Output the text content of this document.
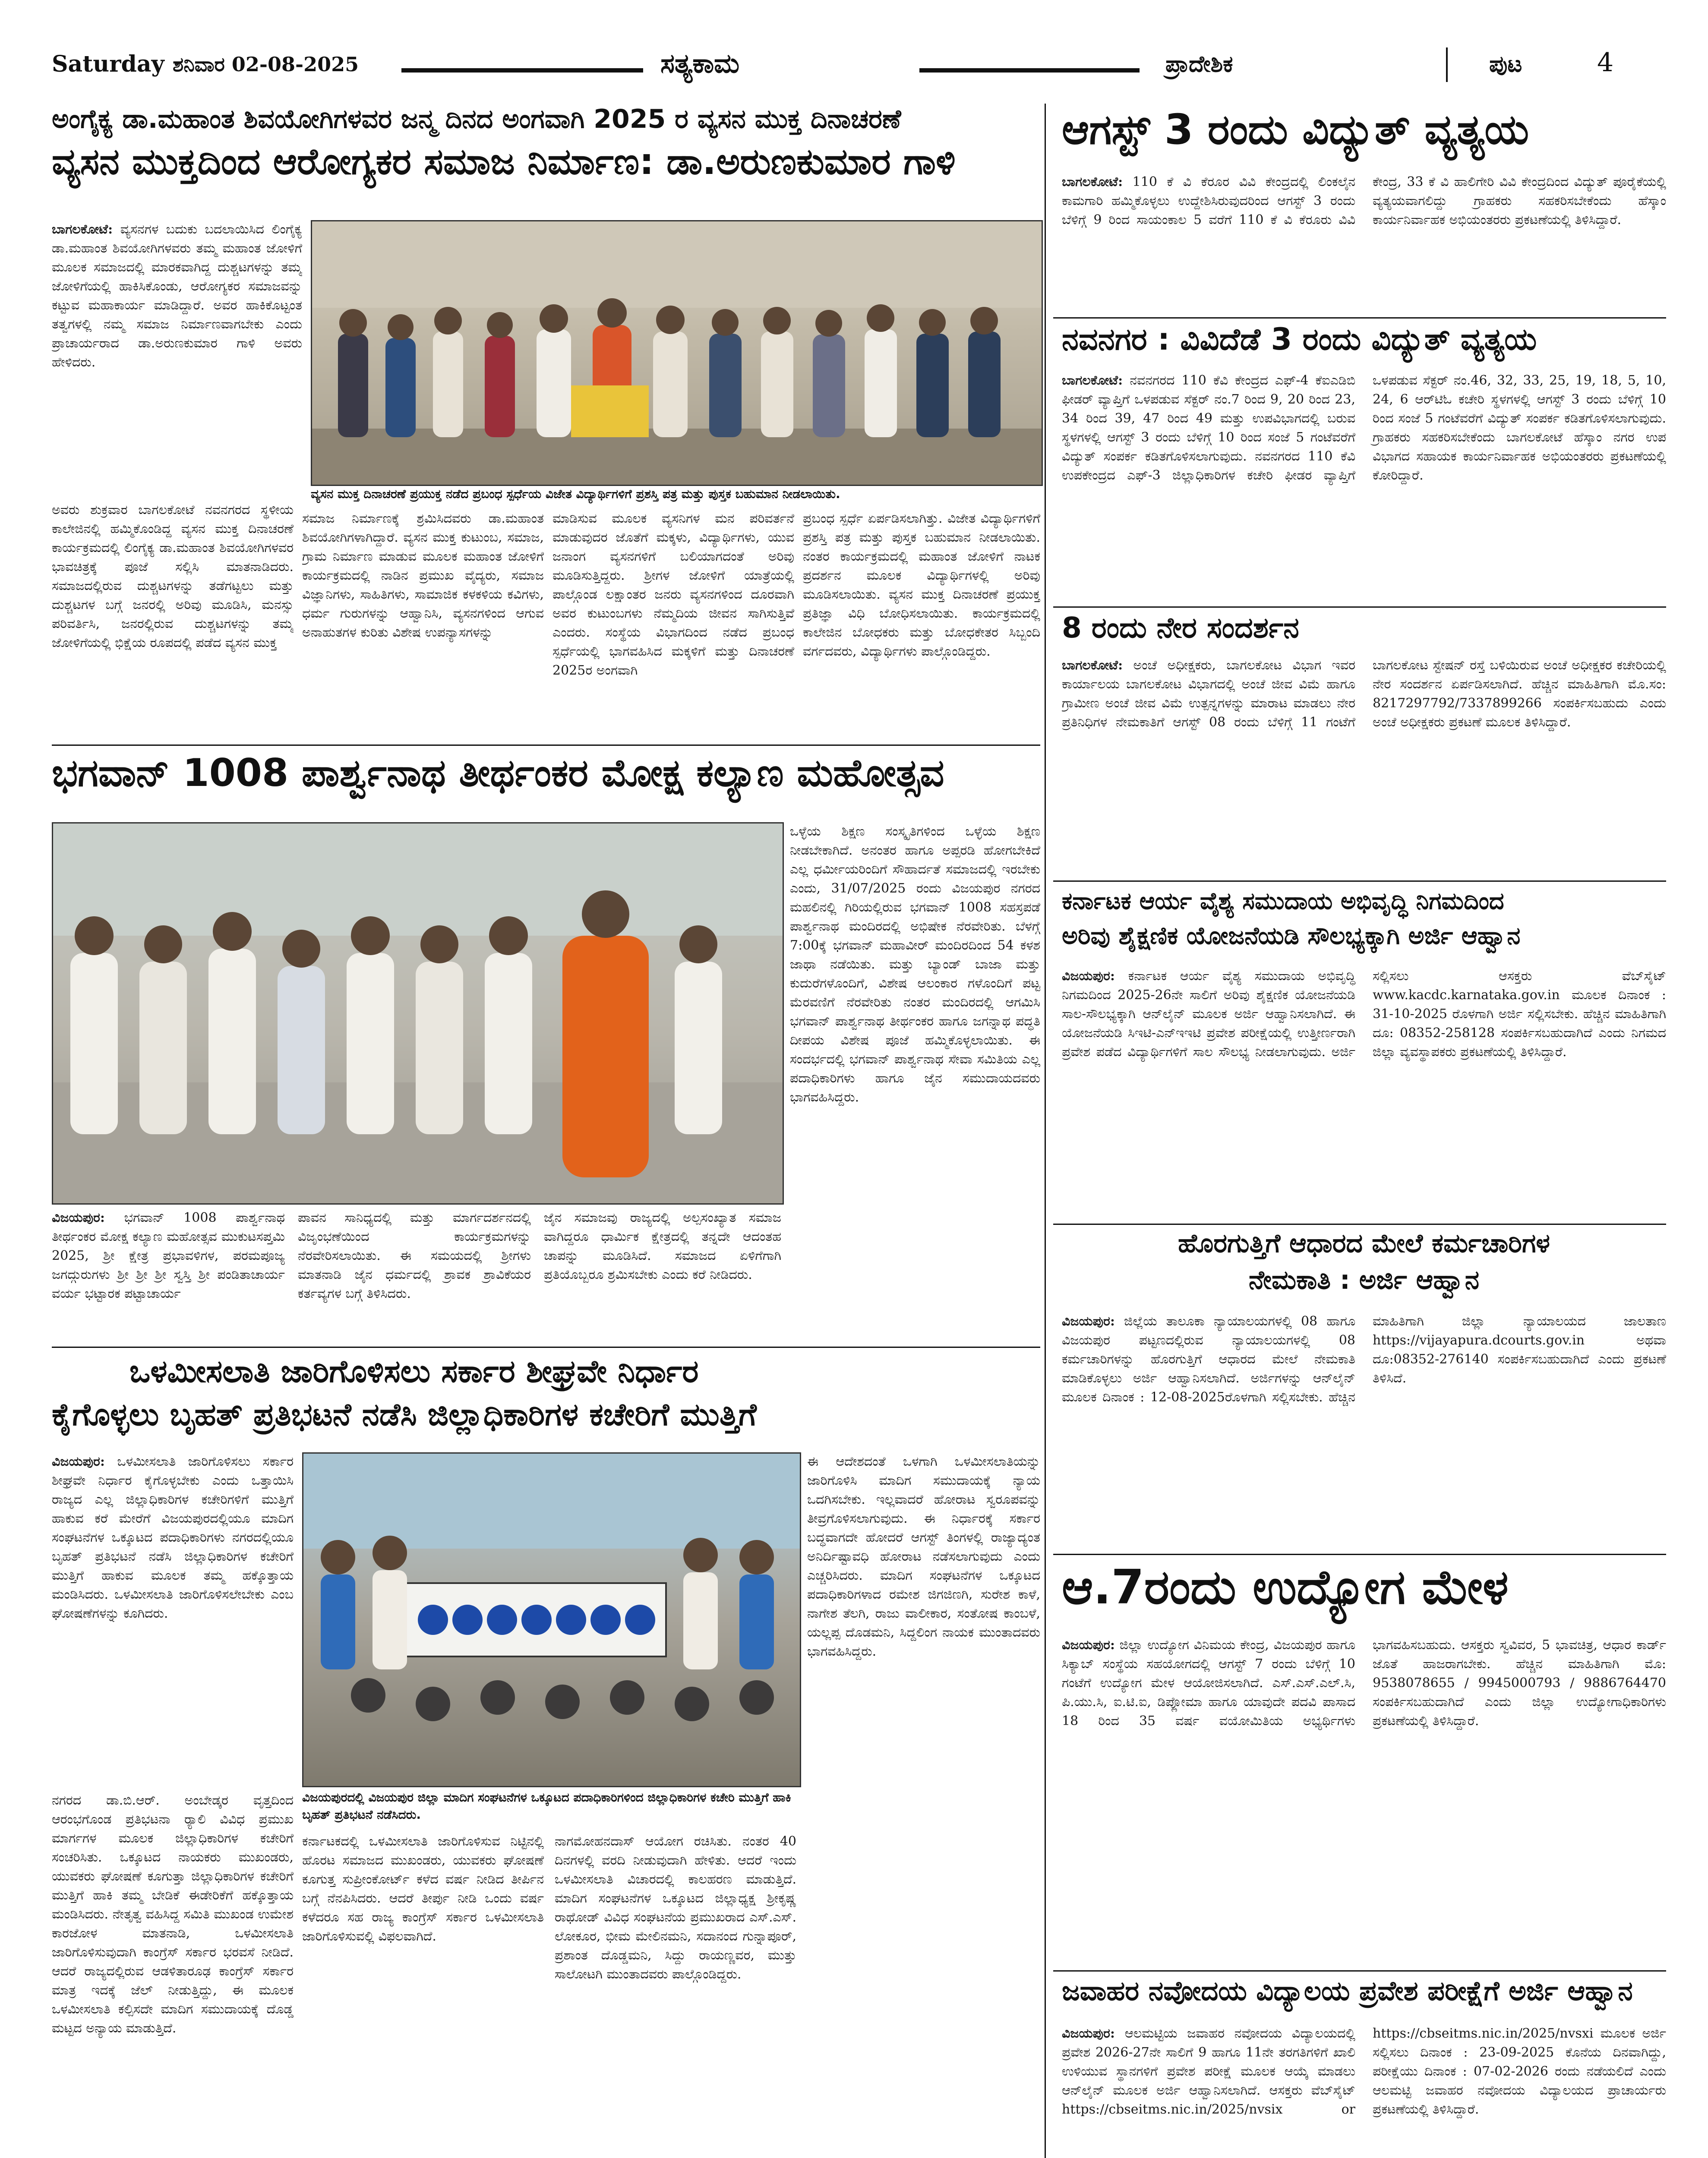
Saturday ಶನಿವಾರ 02-08-2025	ಸತ್ಯಕಾಮ	ಪ್ರಾದೇಶಿಕ	ಪುಟ	4
ಅಂಗೈಕ್ಯ ಡಾ.ಮಹಾಂತ ಶಿವಯೋಗಿಗಳವರ ಜನ್ಮ ದಿನದ ಅಂಗವಾಗಿ 2025 ರ ವ್ಯಸನ ಮುಕ್ತ ದಿನಾಚರಣೆ
ವ್ಯಸನ ಮುಕ್ತದಿಂದ ಆರೋಗ್ಯಕರ ಸಮಾಜ ನಿರ್ಮಾಣ: ಡಾ.ಅರುಣಕುಮಾರ ಗಾಳಿ
ಬಾಗಲಕೋಟೆ: ವ್ಯಸನಗಳ ಬದುಕು ಬದಲಾಯಿಸಿದ ಲಿಂಗೈಕ್ಯ ಡಾ.ಮಹಾಂತ ಶಿವಯೋಗಿಗಳವರು ತಮ್ಮ ಮಹಾಂತ ಜೋಳಿಗೆ ಮೂಲಕ ಸಮಾಜದಲ್ಲಿ ಮಾರಕವಾಗಿದ್ದ ದುಶ್ಚಟಗಳನ್ನು ತಮ್ಮ ಜೋಳಿಗೆಯಲ್ಲಿ ಹಾಕಿಸಿಕೊಂಡು, ಆರೋಗ್ಯಕರ ಸಮಾಜವನ್ನು ಕಟ್ಟುವ ಮಹಾಕಾರ್ಯ ಮಾಡಿದ್ದಾರೆ. ಅವರ ಹಾಕಿಕೊಟ್ಟಂತ ತತ್ವಗಳಲ್ಲಿ ನಮ್ಮ ಸಮಾಜ ನಿರ್ಮಾಣವಾಗಬೇಕು ಎಂದು ಪ್ರಾಚಾರ್ಯರಾದ ಡಾ.ಅರುಣಕುಮಾರ ಗಾಳಿ ಅವರು ಹೇಳಿದರು.
ವ್ಯಸನ ಮುಕ್ತ ದಿನಾಚರಣೆ ಪ್ರಯುಕ್ತ ನಡೆದ ಪ್ರಬಂಧ ಸ್ಪರ್ಧೆಯ ವಿಜೇತ ವಿದ್ಯಾರ್ಥಿಗಳಿಗೆ ಪ್ರಶಸ್ತಿ ಪತ್ರ ಮತ್ತು ಪುಸ್ತಕ ಬಹುಮಾನ ನೀಡಲಾಯಿತು.
ಅವರು ಶುಕ್ರವಾರ ಬಾಗಲಕೋಟೆ ನವನಗರದ ಸ್ಥಳೀಯ ಕಾಲೇಜಿನಲ್ಲಿ ಹಮ್ಮಿಕೊಂಡಿದ್ದ ವ್ಯಸನ ಮುಕ್ತ ದಿನಾಚರಣೆ ಕಾರ್ಯಕ್ರಮದಲ್ಲಿ ಲಿಂಗೈಕ್ಯ ಡಾ.ಮಹಾಂತ ಶಿವಯೋಗಿಗಳವರ ಭಾವಚಿತ್ರಕ್ಕೆ ಪೂಜೆ ಸಲ್ಲಿಸಿ ಮಾತನಾಡಿದರು. ಸಮಾಜದಲ್ಲಿರುವ ದುಶ್ಚಟಗಳನ್ನು ತಡೆಗಟ್ಟಲು ಮತ್ತು ದುಶ್ಚಟಗಳ ಬಗ್ಗೆ ಜನರಲ್ಲಿ ಅರಿವು ಮೂಡಿಸಿ, ಮನಸ್ಸು ಪರಿವರ್ತಿಸಿ, ಜನರಲ್ಲಿರುವ ದುಶ್ಚಟಗಳನ್ನು ತಮ್ಮ ಜೋಳಿಗೆಯಲ್ಲಿ ಭಿಕ್ಷೆಯ ರೂಪದಲ್ಲಿ ಪಡೆದ ವ್ಯಸನ ಮುಕ್ತ
ಸಮಾಜ ನಿರ್ಮಾಣಕ್ಕೆ ಶ್ರಮಿಸಿದವರು ಡಾ.ಮಹಾಂತ ಶಿವಯೋಗಿಗಳಾಗಿದ್ದಾರೆ. ವ್ಯಸನ ಮುಕ್ತ ಕುಟುಂಬ, ಸಮಾಜ, ಗ್ರಾಮ ನಿರ್ಮಾಣ ಮಾಡುವ ಮೂಲಕ ಮಹಾಂತ ಜೋಳಿಗೆ ಕಾರ್ಯಕ್ರಮದಲ್ಲಿ ನಾಡಿನ ಪ್ರಮುಖ ವೈದ್ಯರು, ಸಮಾಜ ವಿಜ್ಞಾನಿಗಳು, ಸಾಹಿತಿಗಳು, ಸಾಮಾಜಿಕ ಕಳಕಳಿಯ ಕವಿಗಳು, ಧರ್ಮ ಗುರುಗಳನ್ನು ಆಹ್ವಾನಿಸಿ, ವ್ಯಸನಗಳಿಂದ ಆಗುವ ಅನಾಹುತಗಳ ಕುರಿತು ವಿಶೇಷ ಉಪನ್ಯಾಸಗಳನ್ನು
ಮಾಡಿಸುವ ಮೂಲಕ ವ್ಯಸನಿಗಳ ಮನ ಪರಿವರ್ತನೆ ಮಾಡುವುದರ ಜೊತೆಗೆ ಮಕ್ಕಳು, ವಿದ್ಯಾರ್ಥಿಗಳು, ಯುವ ಜನಾಂಗ ವ್ಯಸನಗಳಿಗೆ ಬಲಿಯಾಗದಂತೆ ಅರಿವು ಮೂಡಿಸುತ್ತಿದ್ದರು. ಶ್ರೀಗಳ ಜೋಳಿಗೆ ಯಾತ್ರೆಯಲ್ಲಿ ಪಾಲ್ಗೊಂಡ ಲಕ್ಷಾಂತರ ಜನರು ವ್ಯಸನಗಳಿಂದ ದೂರವಾಗಿ ಅವರ ಕುಟುಂಬಗಳು ನೆಮ್ಮದಿಯ ಜೀವನ ಸಾಗಿಸುತ್ತಿವೆ ಎಂದರು. ಸಂಸ್ಥೆಯ ವಿಭಾಗದಿಂದ ನಡೆದ ಪ್ರಬಂಧ ಸ್ಪರ್ಧೆಯಲ್ಲಿ ಭಾಗವಹಿಸಿದ ಮಕ್ಕಳಿಗೆ ಮತ್ತು ದಿನಾಚರಣೆ 2025ರ ಅಂಗವಾಗಿ
ಪ್ರಬಂಧ ಸ್ಪರ್ಧೆ ಏರ್ಪಡಿಸಲಾಗಿತ್ತು. ವಿಜೇತ ವಿದ್ಯಾರ್ಥಿಗಳಿಗೆ ಪ್ರಶಸ್ತಿ ಪತ್ರ ಮತ್ತು ಪುಸ್ತಕ ಬಹುಮಾನ ನೀಡಲಾಯಿತು. ನಂತರ ಕಾರ್ಯಕ್ರಮದಲ್ಲಿ ಮಹಾಂತ ಜೋಳಿಗೆ ನಾಟಕ ಪ್ರದರ್ಶನ ಮೂಲಕ ವಿದ್ಯಾರ್ಥಿಗಳಲ್ಲಿ ಅರಿವು ಮೂಡಿಸಲಾಯಿತು. ವ್ಯಸನ ಮುಕ್ತ ದಿನಾಚರಣೆ ಪ್ರಯುಕ್ತ ಪ್ರತಿಜ್ಞಾ ವಿಧಿ ಬೋಧಿಸಲಾಯಿತು. ಕಾರ್ಯಕ್ರಮದಲ್ಲಿ ಕಾಲೇಜಿನ ಬೋಧಕರು ಮತ್ತು ಬೋಧಕೇತರ ಸಿಬ್ಬಂದಿ ವರ್ಗದವರು, ವಿದ್ಯಾರ್ಥಿಗಳು ಪಾಲ್ಗೊಂಡಿದ್ದರು.
ಭಗವಾನ್ 1008 ಪಾರ್ಶ್ವನಾಥ ತೀರ್ಥಂಕರ ಮೋಕ್ಷ ಕಲ್ಯಾಣ ಮಹೋತ್ಸವ
ಒಳ್ಳೆಯ ಶಿಕ್ಷಣ ಸಂಸ್ಕೃತಿಗಳಿಂದ ಒಳ್ಳೆಯ ಶಿಕ್ಷಣ ನೀಡಬೇಕಾಗಿದೆ. ಅನಂತರ ಹಾಗೂ ಅಪ್ಪರಡಿ ಹೋಗಬೇಕಿದೆ ಎಲ್ಲ ಧರ್ಮೀಯರಿಂದಿಗೆ ಸೌಹಾರ್ದತೆ ಸಮಾಜದಲ್ಲಿ ಇರಬೇಕು ಎಂದು, 31/07/2025 ರಂದು ವಿಜಯಪುರ ನಗರದ ಮಹಲಿನಲ್ಲಿ ಗಿರಿಯಲ್ಲಿರುವ ಭಗವಾನ್ 1008 ಸಹಸ್ರಪಡೆ ಪಾರ್ಶ್ವನಾಥ ಮಂದಿರದಲ್ಲಿ ಅಭಿಷೇಕ ನೆರವೇರಿತು. ಬೆಳಗ್ಗೆ 7:00ಕ್ಕೆ ಭಗವಾನ್ ಮಹಾವೀರ್ ಮಂದಿರದಿಂದ 54 ಕಳಶ ಜಾಥಾ ನಡೆಯಿತು. ಮತ್ತು ಬ್ಯಾಂಡ್ ಬಾಜಾ ಮತ್ತು ಕುದುರೆಗಳೊಂದಿಗೆ, ವಿಶೇಷ ಆಲಂಕಾರ ಗಳೊಂದಿಗೆ ಪಟ್ಟ ಮೆರವಣಿಗೆ ನೆರವೇರಿತು ನಂತರ ಮಂದಿರದಲ್ಲಿ ಆಗಮಿಸಿ ಭಗವಾನ್ ಪಾರ್ಶ್ವನಾಥ ತೀರ್ಥಂಕರ ಹಾಗೂ ಜಗನ್ನಾಥ ಪದ್ಧತಿ ದೀಪಯ ವಿಶೇಷ ಪೂಜೆ ಹಮ್ಮಿಕೊಳ್ಳಲಾಯಿತು. ಈ ಸಂದರ್ಭದಲ್ಲಿ ಭಗವಾನ್ ಪಾರ್ಶ್ವನಾಥ ಸೇವಾ ಸಮಿತಿಯ ಎಲ್ಲ ಪದಾಧಿಕಾರಿಗಳು ಹಾಗೂ ಜೈನ ಸಮುದಾಯದವರು ಭಾಗವಹಿಸಿದ್ದರು.
ವಿಜಯಪುರ: ಭಗವಾನ್ 1008 ಪಾರ್ಶ್ವನಾಥ ತೀರ್ಥಂಕರ ಮೋಕ್ಷ ಕಲ್ಯಾಣ ಮಹೋತ್ಸವ ಮುಕುಟಸಪ್ತಮಿ 2025, ಶ್ರೀ ಕ್ಷೇತ್ರ ಪ್ರಭಾವಳಿಗಳ, ಪರಮಪೂಜ್ಯ ಜಗದ್ಗುರುಗಳು ಶ್ರೀ ಶ್ರೀ ಶ್ರೀ ಸ್ವಸ್ತಿ ಶ್ರೀ ಪಂಡಿತಾಚಾರ್ಯ ವರ್ಯ ಭಟ್ಟಾರಕ ಪಟ್ಟಾಚಾರ್ಯ
ಪಾವನ ಸಾನಿಧ್ಯದಲ್ಲಿ ಮತ್ತು ಮಾರ್ಗದರ್ಶನದಲ್ಲಿ ವಿಜೃಂಭಣೆಯಿಂದ ಕಾರ್ಯಕ್ರಮಗಳನ್ನು ನೆರವೇರಿಸಲಾಯಿತು. ಈ ಸಮಯದಲ್ಲಿ ಶ್ರೀಗಳು ಮಾತನಾಡಿ ಜೈನ ಧರ್ಮದಲ್ಲಿ ಶ್ರಾವಕ ಶ್ರಾವಿಕೆಯರ ಕರ್ತವ್ಯಗಳ ಬಗ್ಗೆ ತಿಳಿಸಿದರು.
ಜೈನ ಸಮಾಜವು ರಾಜ್ಯದಲ್ಲಿ ಅಲ್ಪಸಂಖ್ಯಾತ ಸಮಾಜ ವಾಗಿದ್ದರೂ ಧಾರ್ಮಿಕ ಕ್ಷೇತ್ರದಲ್ಲಿ ತನ್ನದೇ ಆದಂತಹ ಚಾಪನ್ನು ಮೂಡಿಸಿದೆ. ಸಮಾಜದ ಏಳಿಗೆಗಾಗಿ ಪ್ರತಿಯೊಬ್ಬರೂ ಶ್ರಮಿಸಬೇಕು ಎಂದು ಕರೆ ನೀಡಿದರು.
ಒಳಮೀಸಲಾತಿ ಜಾರಿಗೊಳಿಸಲು ಸರ್ಕಾರ ಶೀಘ್ರವೇ ನಿರ್ಧಾರ
ಕೈಗೊಳ್ಳಲು ಬೃಹತ್ ಪ್ರತಿಭಟನೆ ನಡೆಸಿ ಜಿಲ್ಲಾಧಿಕಾರಿಗಳ ಕಚೇರಿಗೆ ಮುತ್ತಿಗೆ
ವಿಜಯಪುರ: ಒಳಮೀಸಲಾತಿ ಜಾರಿಗೊಳಿಸಲು ಸರ್ಕಾರ ಶೀಘ್ರವೇ ನಿರ್ಧಾರ ಕೈಗೊಳ್ಳಬೇಕು ಎಂದು ಒತ್ತಾಯಿಸಿ ರಾಜ್ಯದ ಎಲ್ಲ ಜಿಲ್ಲಾಧಿಕಾರಿಗಳ ಕಚೇರಿಗಳಿಗೆ ಮುತ್ತಿಗೆ ಹಾಕುವ ಕರೆ ಮೇರೆಗೆ ವಿಜಯಪುರದಲ್ಲಿಯೂ ಮಾದಿಗ ಸಂಘಟನೆಗಳ ಒಕ್ಕೂಟದ ಪದಾಧಿಕಾರಿಗಳು ನಗರದಲ್ಲಿಯೂ ಬೃಹತ್ ಪ್ರತಿಭಟನೆ ನಡೆಸಿ ಜಿಲ್ಲಾಧಿಕಾರಿಗಳ ಕಚೇರಿಗೆ ಮುತ್ತಿಗೆ ಹಾಕುವ ಮೂಲಕ ತಮ್ಮ ಹಕ್ಕೊತ್ತಾಯ ಮಂಡಿಸಿದರು. ಒಳಮೀಸಲಾತಿ ಜಾರಿಗೊಳಿಸಲೇಬೇಕು ಎಂಬ ಘೋಷಣೆಗಳನ್ನು ಕೂಗಿದರು.
ವಿಜಯಪುರದಲ್ಲಿ ವಿಜಯಪುರ ಜಿಲ್ಲಾ ಮಾದಿಗ ಸಂಘಟನೆಗಳ ಒಕ್ಕೂಟದ ಪದಾಧಿಕಾರಿಗಳಿಂದ ಜಿಲ್ಲಾಧಿಕಾರಿಗಳ ಕಚೇರಿ ಮುತ್ತಿಗೆ ಹಾಕಿ ಬೃಹತ್ ಪ್ರತಿಭಟನೆ ನಡೆಸಿದರು.
ಈ ಆದೇಶದಂತೆ ಒಳಗಾಗಿ ಒಳಮೀಸಲಾತಿಯನ್ನು ಜಾರಿಗೊಳಿಸಿ ಮಾದಿಗ ಸಮುದಾಯಕ್ಕೆ ನ್ಯಾಯ ಒದಗಿಸಬೇಕು. ಇಲ್ಲವಾದರೆ ಹೋರಾಟ ಸ್ವರೂಪವನ್ನು ತೀವ್ರಗೊಳಿಸಲಾಗುವುದು. ಈ ನಿರ್ಧಾರಕ್ಕೆ ಸರ್ಕಾರ ಬದ್ಧವಾಗದೇ ಹೋದರೆ ಆಗಸ್ಟ್ ತಿಂಗಳಲ್ಲಿ ರಾಜ್ಯಾದ್ಯಂತ ಅನಿರ್ದಿಷ್ಟಾವಧಿ ಹೋರಾಟ ನಡೆಸಲಾಗುವುದು ಎಂದು ಎಚ್ಚರಿಸಿದರು. ಮಾದಿಗ ಸಂಘಟನೆಗಳ ಒಕ್ಕೂಟದ ಪದಾಧಿಕಾರಿಗಳಾದ ರಮೇಶ ಜಿಗಜಿಣಗಿ, ಸುರೇಶ ಕಾಳೆ, ನಾಗೇಶ ತೆಲಗಿ, ರಾಜು ವಾಲೀಕಾರ, ಸಂತೋಷ ಕಾಂಬಳೆ, ಯಲ್ಲಪ್ಪ ದೊಡಮನಿ, ಸಿದ್ದಲಿಂಗ ನಾಯಕ ಮುಂತಾದವರು ಭಾಗವಹಿಸಿದ್ದರು.
ನಗರದ ಡಾ.ಬಿ.ಆರ್. ಅಂಬೇಡ್ಕರ ವೃತ್ತದಿಂದ ಆರಂಭಗೊಂಡ ಪ್ರತಿಭಟನಾ ರ‍್ಯಾಲಿ ವಿವಿಧ ಪ್ರಮುಖ ಮಾರ್ಗಗಳ ಮೂಲಕ ಜಿಲ್ಲಾಧಿಕಾರಿಗಳ ಕಚೇರಿಗೆ ಸಂಚರಿಸಿತು. ಒಕ್ಕೂಟದ ನಾಯಕರು ಮುಖಂಡರು, ಯುವಕರು ಘೋಷಣೆ ಕೂಗುತ್ತಾ ಜಿಲ್ಲಾಧಿಕಾರಿಗಳ ಕಚೇರಿಗೆ ಮುತ್ತಿಗೆ ಹಾಕಿ ತಮ್ಮ ಬೇಡಿಕೆ ಈಡೇರಿಕೆಗೆ ಹಕ್ಕೊತ್ತಾಯ ಮಂಡಿಸಿದರು. ನೇತೃತ್ವ ವಹಿಸಿದ್ದ ಸಮಿತಿ ಮುಖಂಡ ಉಮೇಶ ಕಾರಜೋಳ ಮಾತನಾಡಿ, ಒಳಮೀಸಲಾತಿ ಜಾರಿಗೊಳಿಸುವುದಾಗಿ ಕಾಂಗ್ರೆಸ್ ಸರ್ಕಾರ ಭರವಸೆ ನೀಡಿದೆ. ಆದರೆ ರಾಜ್ಯದಲ್ಲಿರುವ ಆಡಳಿತಾರೂಢ ಕಾಂಗ್ರೆಸ್ ಸರ್ಕಾರ ಮಾತ್ರ ಇದಕ್ಕೆ ಜೆಲ್ ನೀಡುತ್ತಿದ್ದು, ಈ ಮೂಲಕ ಒಳಮೀಸಲಾತಿ ಕಲ್ಪಿಸದೇ ಮಾದಿಗ ಸಮುದಾಯಕ್ಕೆ ದೊಡ್ಡ ಮಟ್ಟದ ಅನ್ಯಾಯ ಮಾಡುತ್ತಿದೆ.
ಕರ್ನಾಟಕದಲ್ಲಿ ಒಳಮೀಸಲಾತಿ ಜಾರಿಗೊಳಿಸುವ ನಿಟ್ಟಿನಲ್ಲಿ ಹೊರಟ ಸಮಾಜದ ಮುಖಂಡರು, ಯುವಕರು ಘೋಷಣೆ ಕೂಗುತ್ತ ಸುಪ್ರೀಂಕೋರ್ಟ್ ಕಳೆದ ವರ್ಷ ನೀಡಿದ ತೀರ್ಪಿನ ಬಗ್ಗೆ ನೆನಪಿಸಿದರು. ಆದರೆ ತೀರ್ಪು ನೀಡಿ ಒಂದು ವರ್ಷ ಕಳೆದರೂ ಸಹ ರಾಜ್ಯ ಕಾಂಗ್ರೆಸ್ ಸರ್ಕಾರ ಒಳಮೀಸಲಾತಿ ಜಾರಿಗೊಳಿಸುವಲ್ಲಿ ವಿಫಲವಾಗಿದೆ.
ನಾಗಮೋಹನದಾಸ್ ಆಯೋಗ ರಚಿಸಿತು. ನಂತರ 40 ದಿನಗಳಲ್ಲಿ ವರದಿ ನೀಡುವುದಾಗಿ ಹೇಳಿತು. ಆದರೆ ಇಂದು ಒಳಮೀಸಲಾತಿ ವಿಚಾರದಲ್ಲಿ ಕಾಲಹರಣ ಮಾಡುತ್ತಿದೆ. ಮಾದಿಗ ಸಂಘಟನೆಗಳ ಒಕ್ಕೂಟದ ಜಿಲ್ಲಾಧ್ಯಕ್ಷ ಶ್ರೀಕೃಷ್ಣ ರಾಥೋಡ್ ವಿವಿಧ ಸಂಘಟನೆಯ ಪ್ರಮುಖರಾದ ಎಸ್.ಎಸ್. ಲೋಕೂರ, ಭೀಮ ಮೇಲಿನಮನಿ, ಸದಾನಂದ ಗುನ್ನಾಪೂರ್, ಪ್ರಶಾಂತ ದೊಡ್ಡಮನಿ, ಸಿದ್ದು ರಾಯಣ್ಣವರ, ಮುತ್ತು ಸಾಲೋಟಗಿ ಮುಂತಾದವರು ಪಾಲ್ಗೊಂಡಿದ್ದರು.
ಆಗಸ್ಟ್ 3 ರಂದು ವಿದ್ಯುತ್ ವ್ಯತ್ಯಯ
ಬಾಗಲಕೋಟೆ: 110 ಕೆ ವಿ ಕೆರೂರ ವಿವಿ ಕೇಂದ್ರದಲ್ಲಿ ಲಿಂಕಲೈನ ಕಾಮಗಾರಿ ಹಮ್ಮಿಕೊಳ್ಳಲು ಉದ್ದೇಶಿಸಿರುವುದರಿಂದ ಆಗಸ್ಟ್ 3 ರಂದು ಬೆಳಿಗ್ಗೆ 9 ರಿಂದ ಸಾಯಂಕಾಲ 5 ವರೆಗೆ 110 ಕೆ ವಿ ಕೆರೂರು ವಿವಿ ಕೇಂದ್ರ, 33 ಕೆ ವಿ ಹಾಲಿಗೇರಿ ವಿವಿ ಕೇಂದ್ರದಿಂದ ವಿದ್ಯುತ್ ಪೂರೈಕೆಯಲ್ಲಿ ವ್ಯತ್ಯಯವಾಗಲಿದ್ದು ಗ್ರಾಹಕರು ಸಹಕರಿಸಬೇಕೆಂದು ಹೆಸ್ಕಾಂ ಕಾರ್ಯನಿರ್ವಾಹಕ ಅಭಿಯಂತರರು ಪ್ರಕಟಣೆಯಲ್ಲಿ ತಿಳಿಸಿದ್ದಾರೆ.
ನವನಗರ : ವಿವಿದೆಡೆ 3 ರಂದು ವಿದ್ಯುತ್ ವ್ಯತ್ಯಯ
ಬಾಗಲಕೋಟೆ: ನವನಗರದ 110 ಕೆವಿ ಕೇಂದ್ರದ ಎಫ್-4 ಕೆಐಎಡಿಬಿ ಫೀಡರ್ ವ್ಯಾಪ್ತಿಗೆ ಒಳಪಡುವ ಸೆಕ್ಟರ್ ನಂ.7 ರಿಂದ 9, 20 ರಿಂದ 23, 34 ರಿಂದ 39, 47 ರಿಂದ 49 ಮತ್ತು ಉಪವಿಭಾಗದಲ್ಲಿ ಬರುವ ಸ್ಥಳಗಳಲ್ಲಿ ಆಗಸ್ಟ್ 3 ರಂದು ಬೆಳಿಗ್ಗೆ 10 ರಿಂದ ಸಂಜೆ 5 ಗಂಟೆವರೆಗೆ ವಿದ್ಯುತ್ ಸಂಪರ್ಕ ಕಡಿತಗೊಳಿಸಲಾಗುವುದು. ನವನಗರದ 110 ಕೆವಿ ಉಪಕೇಂದ್ರದ ಎಫ್-3 ಜಿಲ್ಲಾಧಿಕಾರಿಗಳ ಕಚೇರಿ ಫೀಡರ ವ್ಯಾಪ್ತಿಗೆ ಒಳಪಡುವ ಸೆಕ್ಟರ್ ನಂ.46, 32, 33, 25, 19, 18, 5, 10, 24, 6 ಆರ್‌ಟಿಓ ಕಚೇರಿ ಸ್ಥಳಗಳಲ್ಲಿ ಆಗಸ್ಟ್ 3 ರಂದು ಬೆಳಿಗ್ಗೆ 10 ರಿಂದ ಸಂಜೆ 5 ಗಂಟೆವರೆಗೆ ವಿದ್ಯುತ್ ಸಂಪರ್ಕ ಕಡಿತಗೊಳಿಸಲಾಗುವುದು. ಗ್ರಾಹಕರು ಸಹಕರಿಸಬೇಕೆಂದು ಬಾಗಲಕೋಟೆ ಹೆಸ್ಕಾಂ ನಗರ ಉಪ ವಿಭಾಗದ ಸಹಾಯಕ ಕಾರ್ಯನಿರ್ವಾಹಕ ಅಭಿಯಂತರರು ಪ್ರಕಟಣೆಯಲ್ಲಿ ಕೋರಿದ್ದಾರೆ.
8 ರಂದು ನೇರ ಸಂದರ್ಶನ
ಬಾಗಲಕೋಟೆ: ಅಂಚೆ ಅಧೀಕ್ಷಕರು, ಬಾಗಲಕೋಟ ವಿಭಾಗ ಇವರ ಕಾರ್ಯಾಲಯ ಬಾಗಲಕೋಟ ವಿಭಾಗದಲ್ಲಿ ಅಂಚೆ ಜೀವ ವಿಮೆ ಹಾಗೂ ಗ್ರಾಮೀಣ ಅಂಚೆ ಜೀವ ವಿಮೆ ಉತ್ಪನ್ನಗಳನ್ನು ಮಾರಾಟ ಮಾಡಲು ನೇರ ಪ್ರತಿನಿಧಿಗಳ ನೇಮಕಾತಿಗೆ ಆಗಸ್ಟ್ 08 ರಂದು ಬೆಳಿಗ್ಗೆ 11 ಗಂಟೆಗೆ ಬಾಗಲಕೋಟ ಸ್ಟೇಷನ್ ರಸ್ತೆ ಬಳಿಯಿರುವ ಅಂಚೆ ಅಧೀಕ್ಷಕರ ಕಚೇರಿಯಲ್ಲಿ ನೇರ ಸಂದರ್ಶನ ಏರ್ಪಡಿಸಲಾಗಿದೆ. ಹೆಚ್ಚಿನ ಮಾಹಿತಿಗಾಗಿ ಮೊ.ಸಂ: 8217297792/7337899266 ಸಂಪರ್ಕಿಸಬಹುದು ಎಂದು ಅಂಚೆ ಅಧೀಕ್ಷಕರು ಪ್ರಕಟಣೆ ಮೂಲಕ ತಿಳಿಸಿದ್ದಾರೆ.
ಕರ್ನಾಟಕ ಆರ್ಯ ವೈಶ್ಯ ಸಮುದಾಯ ಅಭಿವೃದ್ಧಿ ನಿಗಮದಿಂದ
ಅರಿವು ಶೈಕ್ಷಣಿಕ ಯೋಜನೆಯಡಿ ಸೌಲಭ್ಯಕ್ಕಾಗಿ ಅರ್ಜಿ ಆಹ್ವಾನ
ವಿಜಯಪುರ: ಕರ್ನಾಟಕ ಆರ್ಯ ವೈಶ್ಯ ಸಮುದಾಯ ಅಭಿವೃದ್ಧಿ ನಿಗಮದಿಂದ 2025-26ನೇ ಸಾಲಿಗೆ ಅರಿವು ಶೈಕ್ಷಣಿಕ ಯೋಜನೆಯಡಿ ಸಾಲ-ಸೌಲಭ್ಯಕ್ಕಾಗಿ ಆನ್‌ಲೈನ್ ಮೂಲಕ ಅರ್ಜಿ ಆಹ್ವಾನಿಸಲಾಗಿದೆ. ಈ ಯೋಜನೆಯಡಿ ಸಿಇಟಿ-ಎನ್‌ಇಇಟಿ ಪ್ರವೇಶ ಪರೀಕ್ಷೆಯಲ್ಲಿ ಉತ್ತೀರ್ಣರಾಗಿ ಪ್ರವೇಶ ಪಡೆದ ವಿದ್ಯಾರ್ಥಿಗಳಿಗೆ ಸಾಲ ಸೌಲಭ್ಯ ನೀಡಲಾಗುವುದು. ಅರ್ಜಿ ಸಲ್ಲಿಸಲು ಆಸಕ್ತರು ವೆಬ್‌ಸೈಟ್ www.kacdc.karnataka.gov.in ಮೂಲಕ ದಿನಾಂಕ : 31-10-2025 ರೊಳಗಾಗಿ ಅರ್ಜಿ ಸಲ್ಲಿಸಬೇಕು. ಹೆಚ್ಚಿನ ಮಾಹಿತಿಗಾಗಿ ದೂ: 08352-258128 ಸಂಪರ್ಕಿಸಬಹುದಾಗಿದೆ ಎಂದು ನಿಗಮದ ಜಿಲ್ಲಾ ವ್ಯವಸ್ಥಾಪಕರು ಪ್ರಕಟಣೆಯಲ್ಲಿ ತಿಳಿಸಿದ್ದಾರೆ.
ಹೊರಗುತ್ತಿಗೆ ಆಧಾರದ ಮೇಲೆ ಕರ್ಮಚಾರಿಗಳ
ನೇಮಕಾತಿ : ಅರ್ಜಿ ಆಹ್ವಾನ
ವಿಜಯಪುರ: ಜಿಲ್ಲೆಯ ತಾಲೂಕಾ ನ್ಯಾಯಾಲಯಗಳಲ್ಲಿ 08 ಹಾಗೂ ವಿಜಯಪುರ ಪಟ್ಟಣದಲ್ಲಿರುವ ನ್ಯಾಯಾಲಯಗಳಲ್ಲಿ 08 ಕರ್ಮಚಾರಿಗಳನ್ನು ಹೊರಗುತ್ತಿಗೆ ಆಧಾರದ ಮೇಲೆ ನೇಮಕಾತಿ ಮಾಡಿಕೊಳ್ಳಲು ಅರ್ಜಿ ಆಹ್ವಾನಿಸಲಾಗಿದೆ. ಅರ್ಜಿಗಳನ್ನು ಆನ್‌ಲೈನ್ ಮೂಲಕ ದಿನಾಂಕ : 12-08-2025ರೊಳಗಾಗಿ ಸಲ್ಲಿಸಬೇಕು. ಹೆಚ್ಚಿನ ಮಾಹಿತಿಗಾಗಿ ಜಿಲ್ಲಾ ನ್ಯಾಯಾಲಯದ ಜಾಲತಾಣ https://vijayapura.dcourts.gov.in ಅಥವಾ ದೂ:08352-276140 ಸಂಪರ್ಕಿಸಬಹುದಾಗಿದೆ ಎಂದು ಪ್ರಕಟಣೆ ತಿಳಿಸಿದೆ.
ಆ.7ರಂದು ಉದ್ಯೋಗ ಮೇಳ
ವಿಜಯಪುರ: ಜಿಲ್ಲಾ ಉದ್ಯೋಗ ವಿನಿಮಯ ಕೇಂದ್ರ, ವಿಜಯಪುರ ಹಾಗೂ ಸಿಕ್ಯಾಬ್ ಸಂಸ್ಥೆಯ ಸಹಯೋಗದಲ್ಲಿ ಆಗಸ್ಟ್ 7 ರಂದು ಬೆಳಿಗ್ಗೆ 10 ಗಂಟೆಗೆ ಉದ್ಯೋಗ ಮೇಳ ಆಯೋಜಿಸಲಾಗಿದೆ. ಎಸ್.ಎಸ್.ಎಲ್.ಸಿ, ಪಿ.ಯು.ಸಿ, ಐ.ಟಿ.ಐ, ಡಿಪ್ಲೋಮಾ ಹಾಗೂ ಯಾವುದೇ ಪದವಿ ಪಾಸಾದ 18 ರಿಂದ 35 ವರ್ಷ ವಯೋಮಿತಿಯ ಅಭ್ಯರ್ಥಿಗಳು ಭಾಗವಹಿಸಬಹುದು. ಆಸಕ್ತರು ಸ್ವವಿವರ, 5 ಭಾವಚಿತ್ರ, ಆಧಾರ ಕಾರ್ಡ್ ಜೊತೆ ಹಾಜರಾಗಬೇಕು. ಹೆಚ್ಚಿನ ಮಾಹಿತಿಗಾಗಿ ಮೊ: 9538078655 / 9945000793 / 9886764470 ಸಂಪರ್ಕಿಸಬಹುದಾಗಿದೆ ಎಂದು ಜಿಲ್ಲಾ ಉದ್ಯೋಗಾಧಿಕಾರಿಗಳು ಪ್ರಕಟಣೆಯಲ್ಲಿ ತಿಳಿಸಿದ್ದಾರೆ.
ಜವಾಹರ ನವೋದಯ ವಿದ್ಯಾಲಯ ಪ್ರವೇಶ ಪರೀಕ್ಷೆಗೆ ಅರ್ಜಿ ಆಹ್ವಾನ
ವಿಜಯಪುರ: ಆಲಮಟ್ಟಿಯ ಜವಾಹರ ನವೋದಯ ವಿದ್ಯಾಲಯದಲ್ಲಿ ಪ್ರವೇಶ 2026-27ನೇ ಸಾಲಿಗೆ 9 ಹಾಗೂ 11ನೇ ತರಗತಿಗಳಿಗೆ ಖಾಲಿ ಉಳಿಯುವ ಸ್ಥಾನಗಳಿಗೆ ಪ್ರವೇಶ ಪರೀಕ್ಷೆ ಮೂಲಕ ಆಯ್ಕೆ ಮಾಡಲು ಆನ್‌ಲೈನ್ ಮೂಲಕ ಅರ್ಜಿ ಆಹ್ವಾನಿಸಲಾಗಿದೆ. ಆಸಕ್ತರು ವೆಬ್‌ಸೈಟ್ https://cbseitms.nic.in/2025/nvsix or https://cbseitms.nic.in/2025/nvsxi ಮೂಲಕ ಅರ್ಜಿ ಸಲ್ಲಿಸಲು ದಿನಾಂಕ : 23-09-2025 ಕೊನೆಯ ದಿನವಾಗಿದ್ದು, ಪರೀಕ್ಷೆಯು ದಿನಾಂಕ : 07-02-2026 ರಂದು ನಡೆಯಲಿದೆ ಎಂದು ಆಲಮಟ್ಟಿ ಜವಾಹರ ನವೋದಯ ವಿದ್ಯಾಲಯದ ಪ್ರಾಚಾರ್ಯರು ಪ್ರಕಟಣೆಯಲ್ಲಿ ತಿಳಿಸಿದ್ದಾರೆ.
